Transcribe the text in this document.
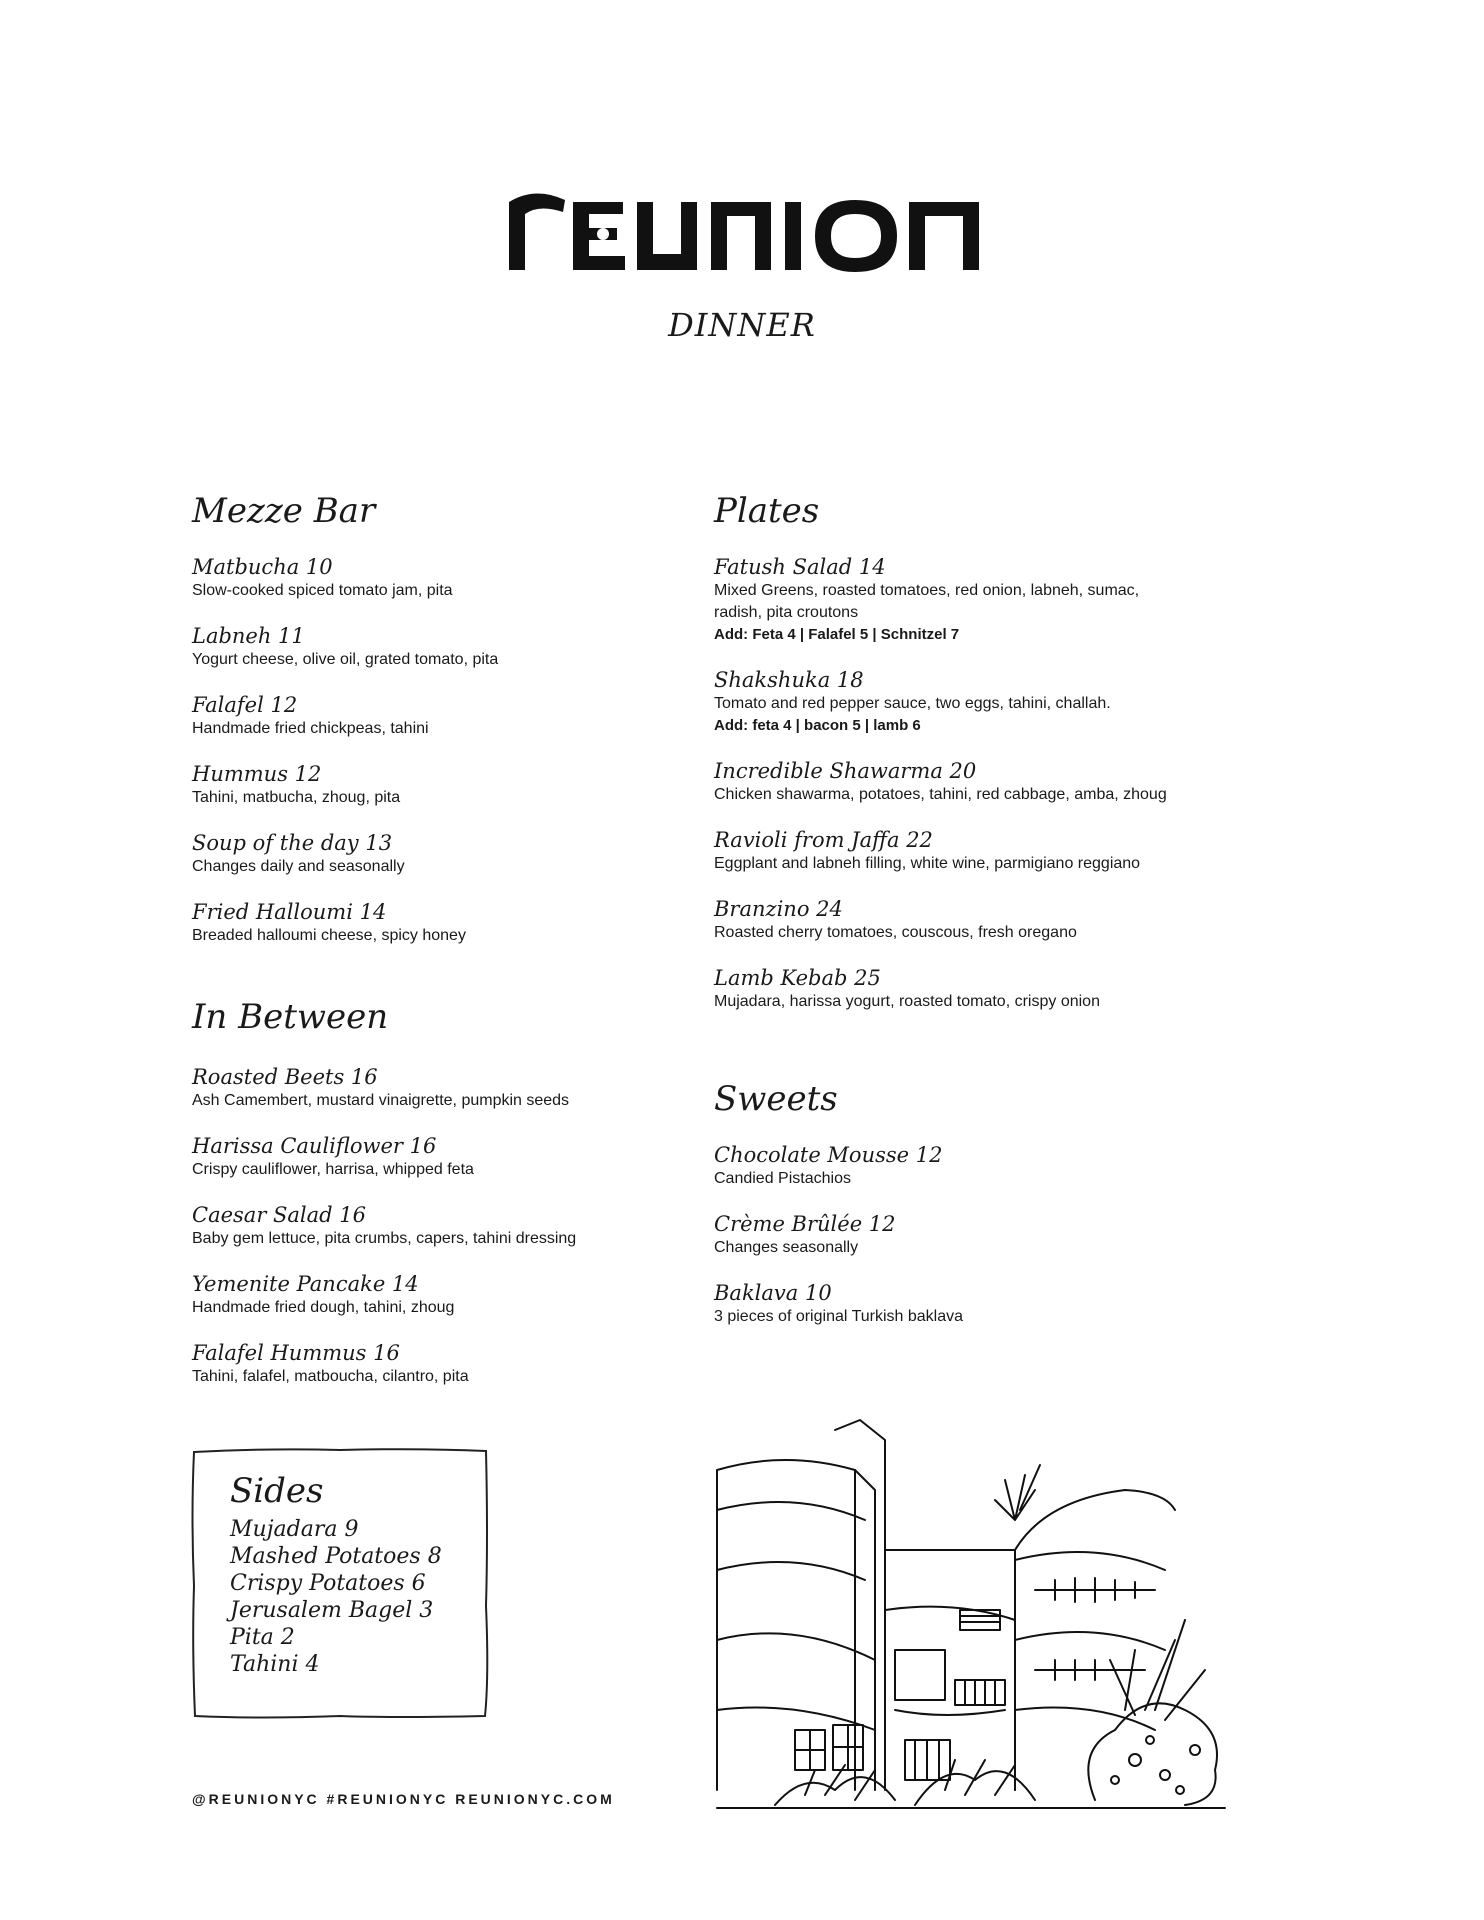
DINNER
Mezze Bar
Matbucha 10
Slow-cooked spiced tomato jam, pita
Labneh 11
Yogurt cheese, olive oil, grated tomato, pita
Falafel 12
Handmade fried chickpeas, tahini
Hummus 12
Tahini, matbucha, zhoug, pita
Soup of the day 13
Changes daily and seasonally
Fried Halloumi 14
Breaded halloumi cheese, spicy honey
In Between
Roasted Beets 16
Ash Camembert, mustard vinaigrette, pumpkin seeds
Harissa Cauliflower 16
Crispy cauliflower, harrisa, whipped feta
Caesar Salad 16
Baby gem lettuce, pita crumbs, capers, tahini dressing
Yemenite Pancake 14
Handmade fried dough, tahini, zhoug
Falafel Hummus 16
Tahini, falafel, matboucha, cilantro, pita
Plates
Fatush Salad 14
Mixed Greens, roasted tomatoes, red onion, labneh, sumac, radish, pita croutons
Add: Feta 4 | Falafel 5 | Schnitzel 7
Shakshuka 18
Tomato and red pepper sauce, two eggs, tahini, challah.
Add: feta 4 | bacon 5 | lamb 6
Incredible Shawarma 20
Chicken shawarma, potatoes, tahini, red cabbage, amba, zhoug
Ravioli from Jaffa 22
Eggplant and labneh filling, white wine, parmigiano reggiano
Branzino 24
Roasted cherry tomatoes, couscous, fresh oregano
Lamb Kebab 25
Mujadara, harissa yogurt, roasted tomato, crispy onion
Sweets
Chocolate Mousse 12
Candied Pistachios
Crème Brûlée 12
Changes seasonally
Baklava 10
3 pieces of original Turkish baklava
Sides
Mujadara 9
Mashed Potatoes 8
Crispy Potatoes 6
Jerusalem Bagel 3
Pita 2
Tahini 4
@REUNIONYC #REUNIONYC REUNIONYC.COM
